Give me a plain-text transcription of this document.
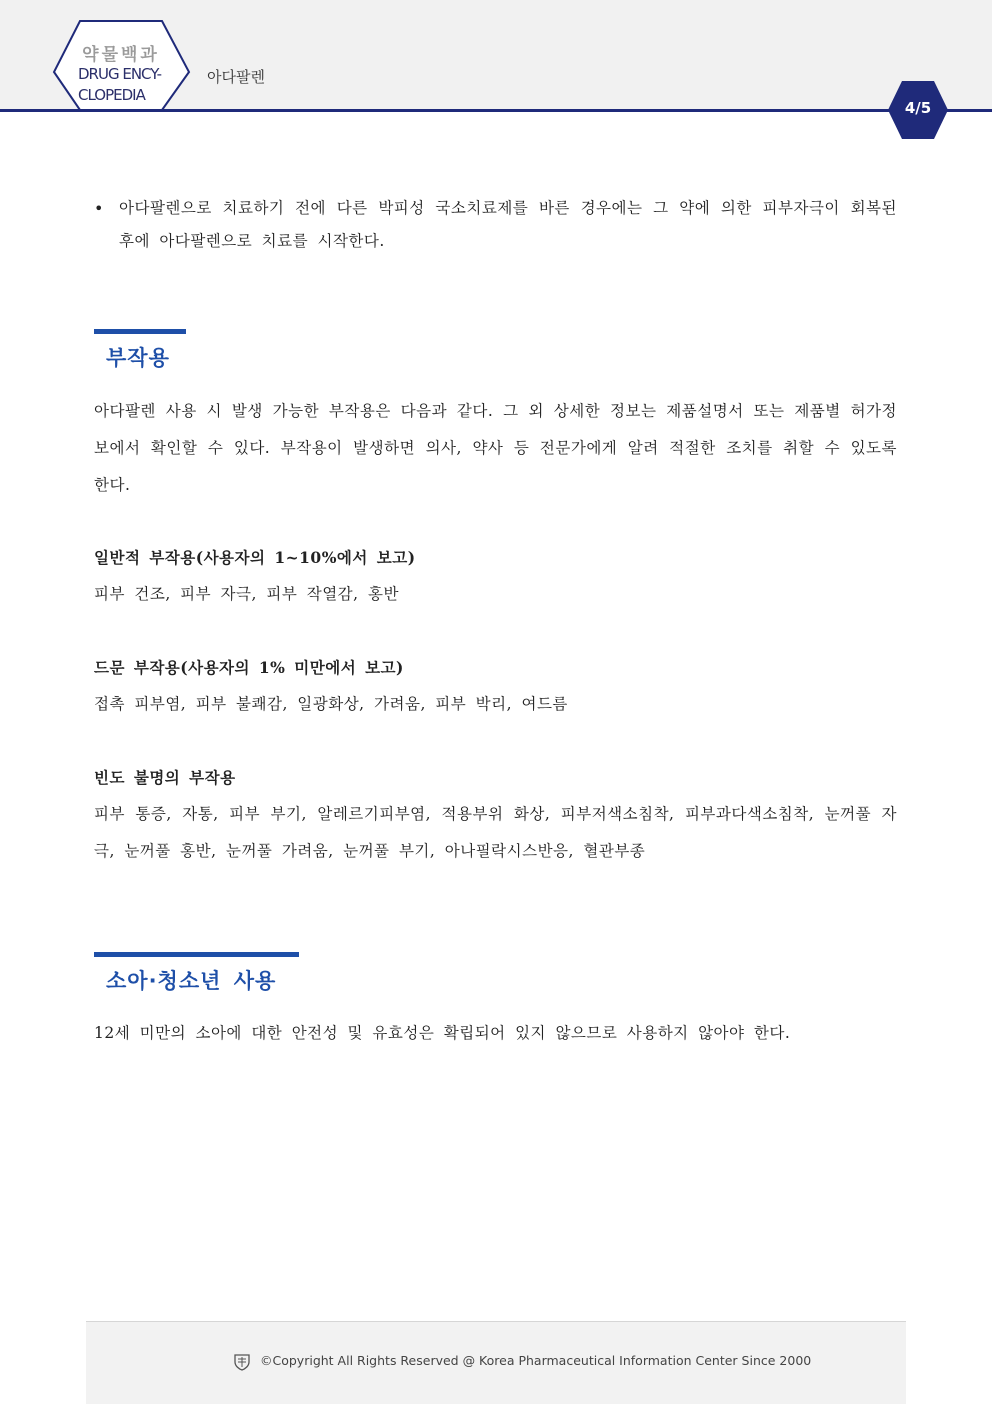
약물백과
DRUG ENCY-
CLOPEDIA
아다팔렌
4/5
• 아다팔렌으로 치료하기 전에 다른 박피성 국소치료제를 바른 경우에는 그 약에 의한 피부자극이 회복된 후에 아다팔렌으로 치료를 시작한다.
부작용
아다팔렌 사용 시 발생 가능한 부작용은 다음과 같다. 그 외 상세한 정보는 제품설명서 또는 제품별 허가정보에서 확인할 수 있다. 부작용이 발생하면 의사, 약사 등 전문가에게 알려 적절한 조치를 취할 수 있도록 한다.
일반적 부작용(사용자의 1~10%에서 보고)
피부 건조, 피부 자극, 피부 작열감, 홍반
드문 부작용(사용자의 1% 미만에서 보고)
접촉 피부염, 피부 불쾌감, 일광화상, 가려움, 피부 박리, 여드름
빈도 불명의 부작용
피부 통증, 자통, 피부 부기, 알레르기피부염, 적용부위 화상, 피부저색소침착, 피부과다색소침착, 눈꺼풀 자극, 눈꺼풀 홍반, 눈꺼풀 가려움, 눈꺼풀 부기, 아나필락시스반응, 혈관부종
소아·청소년 사용
12세 미만의 소아에 대한 안전성 및 유효성은 확립되어 있지 않으므로 사용하지 않아야 한다.
©Copyright All Rights Reserved @ Korea Pharmaceutical Information Center Since 2000
